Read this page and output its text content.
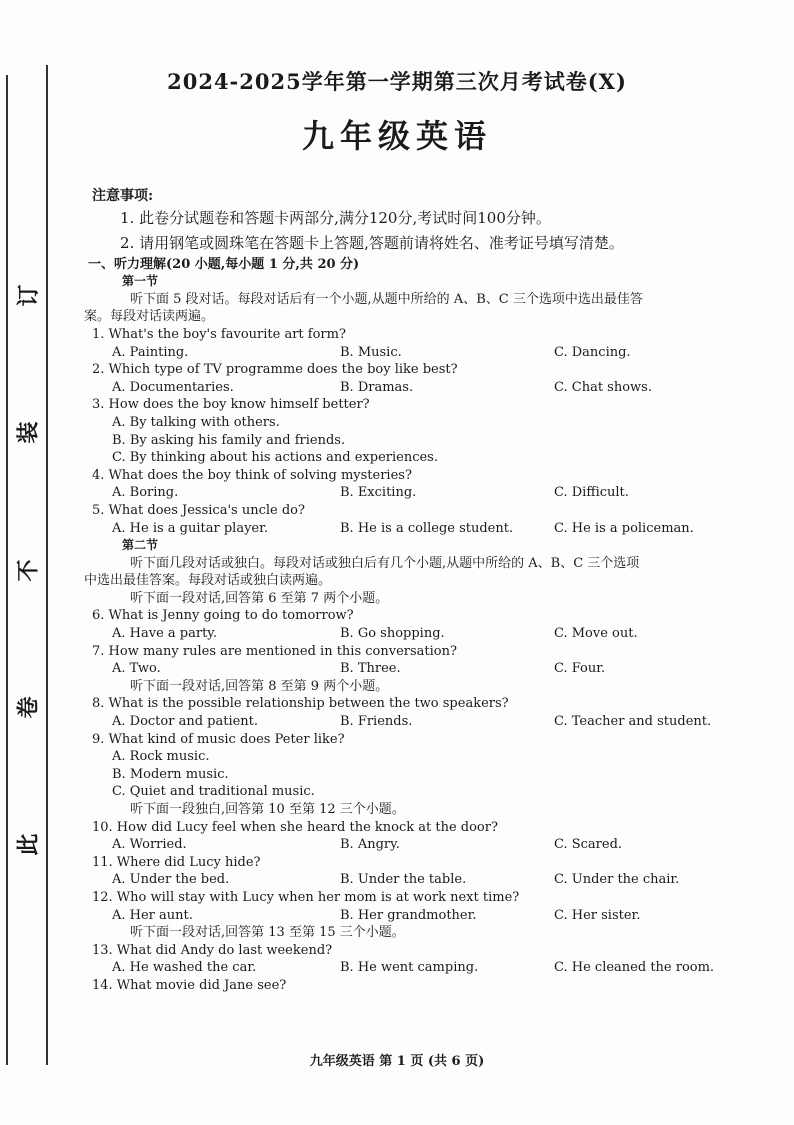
订
装
不
卷
此
2024-2025学年第一学期第三次月考试卷(X)
九年级英语
注意事项:
1. 此卷分试题卷和答题卡两部分,满分120分,考试时间100分钟。
2. 请用钢笔或圆珠笔在答题卡上答题,答题前请将姓名、准考证号填写清楚。
一、听力理解(20 小题,每小题 1 分,共 20 分)
第一节
听下面 5 段对话。每段对话后有一个小题,从题中所给的 A、B、C 三个选项中选出最佳答
案。每段对话读两遍。
1. What's the boy's favourite art form?
A. Painting.	B. Music.	C. Dancing.
2. Which type of TV programme does the boy like best?
A. Documentaries.	B. Dramas.	C. Chat shows.
3. How does the boy know himself better?
A. By talking with others.
B. By asking his family and friends.
C. By thinking about his actions and experiences.
4. What does the boy think of solving mysteries?
A. Boring.	B. Exciting.	C. Difficult.
5. What does Jessica's uncle do?
A. He is a guitar player.	B. He is a college student.	C. He is a policeman.
第二节
听下面几段对话或独白。每段对话或独白后有几个小题,从题中所给的 A、B、C 三个选项
中选出最佳答案。每段对话或独白读两遍。
听下面一段对话,回答第 6 至第 7 两个小题。
6. What is Jenny going to do tomorrow?
A. Have a party.	B. Go shopping.	C. Move out.
7. How many rules are mentioned in this conversation?
A. Two.	B. Three.	C. Four.
听下面一段对话,回答第 8 至第 9 两个小题。
8. What is the possible relationship between the two speakers?
A. Doctor and patient.	B. Friends.	C. Teacher and student.
9. What kind of music does Peter like?
A. Rock music.
B. Modern music.
C. Quiet and traditional music.
听下面一段独白,回答第 10 至第 12 三个小题。
10. How did Lucy feel when she heard the knock at the door?
A. Worried.	B. Angry.	C. Scared.
11. Where did Lucy hide?
A. Under the bed.	B. Under the table.	C. Under the chair.
12. Who will stay with Lucy when her mom is at work next time?
A. Her aunt.	B. Her grandmother.	C. Her sister.
听下面一段对话,回答第 13 至第 15 三个小题。
13. What did Andy do last weekend?
A. He washed the car.	B. He went camping.	C. He cleaned the room.
14. What movie did Jane see?
九年级英语 第 1 页 (共 6 页)
